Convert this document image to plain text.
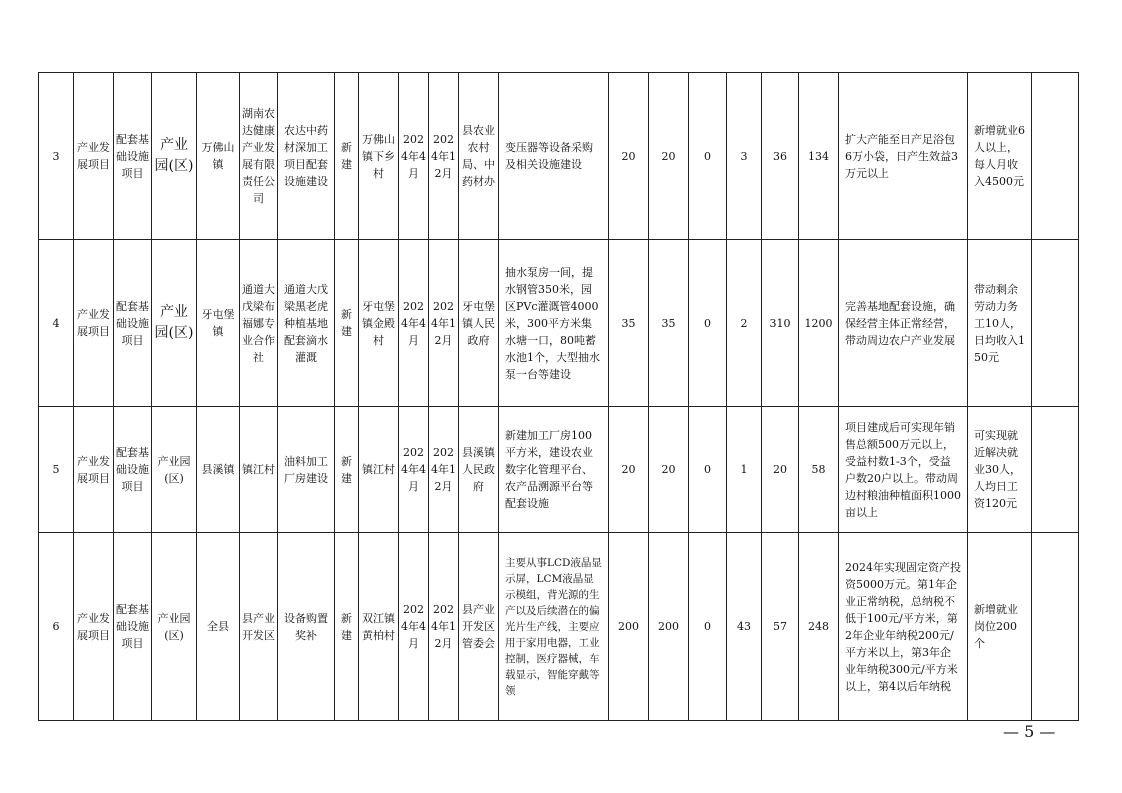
3	产业发展项目	配套基础设施项目	产业园(区)	万佛山镇	湖南农达健康产业发展有限责任公司	农达中药材深加工项目配套设施建设	新建	万佛山镇下乡村	2024年4月	2024年12月	县农业农村局、中药材办	变压器等设备采购及相关设施建设	20	20	0	3	36	134	扩大产能至日产足浴包6万小袋，日产生效益3万元以上	新增就业6人以上，每人月收入4500元	
4	产业发展项目	配套基础设施项目	产业园(区)	牙屯堡镇	通道大戊梁布福娜专业合作社	通道大戊梁黑老虎种植基地配套滴水灌溉	新建	牙屯堡镇金殿村	2024年4月	2024年12月	牙屯堡镇人民政府	抽水泵房一间，提水钢管350米，园区PVc灌溉管4000米，300平方米集水塘一口，80吨蓄水池1个，大型抽水泵一台等建设	35	35	0	2	310	1200	完善基地配套设施，确保经营主体正常经营，带动周边农户产业发展	带动剩余劳动力务工10人，日均收入150元	
5	产业发展项目	配套基础设施项目	产业园(区)	县溪镇	镇江村	油料加工厂房建设	新建	镇江村	2024年4月	2024年12月	县溪镇人民政府	新建加工厂房100平方米，建设农业数字化管理平台、农产品溯源平台等配套设施	20	20	0	1	20	58	项目建成后可实现年销售总额500万元以上，受益村数1-3个，受益户数20户以上。带动周边村粮油种植面积1000亩以上	可实现就近解决就业30人，人均日工资120元	
6	产业发展项目	配套基础设施项目	产业园(区)	全县	县产业开发区	设备购置奖补	新建	双江镇黄柏村	2024年4月	2024年12月	县产业开发区管委会	主要从事LCD液晶显示屏，LCM液晶显示模组，背光源的生产以及后续潜在的偏光片生产线，主要应用于家用电器，工业控制，医疗器械，车载显示，智能穿戴等领	200	200	0	43	57	248	2024年实现固定资产投资5000万元。第1年企业正常纳税，总纳税不低于100元/平方米，第2年企业年纳税200元/平方米以上，第3年企业年纳税300元/平方米以上，第4以后年纳税	新增就业岗位200个	
— 5 —
